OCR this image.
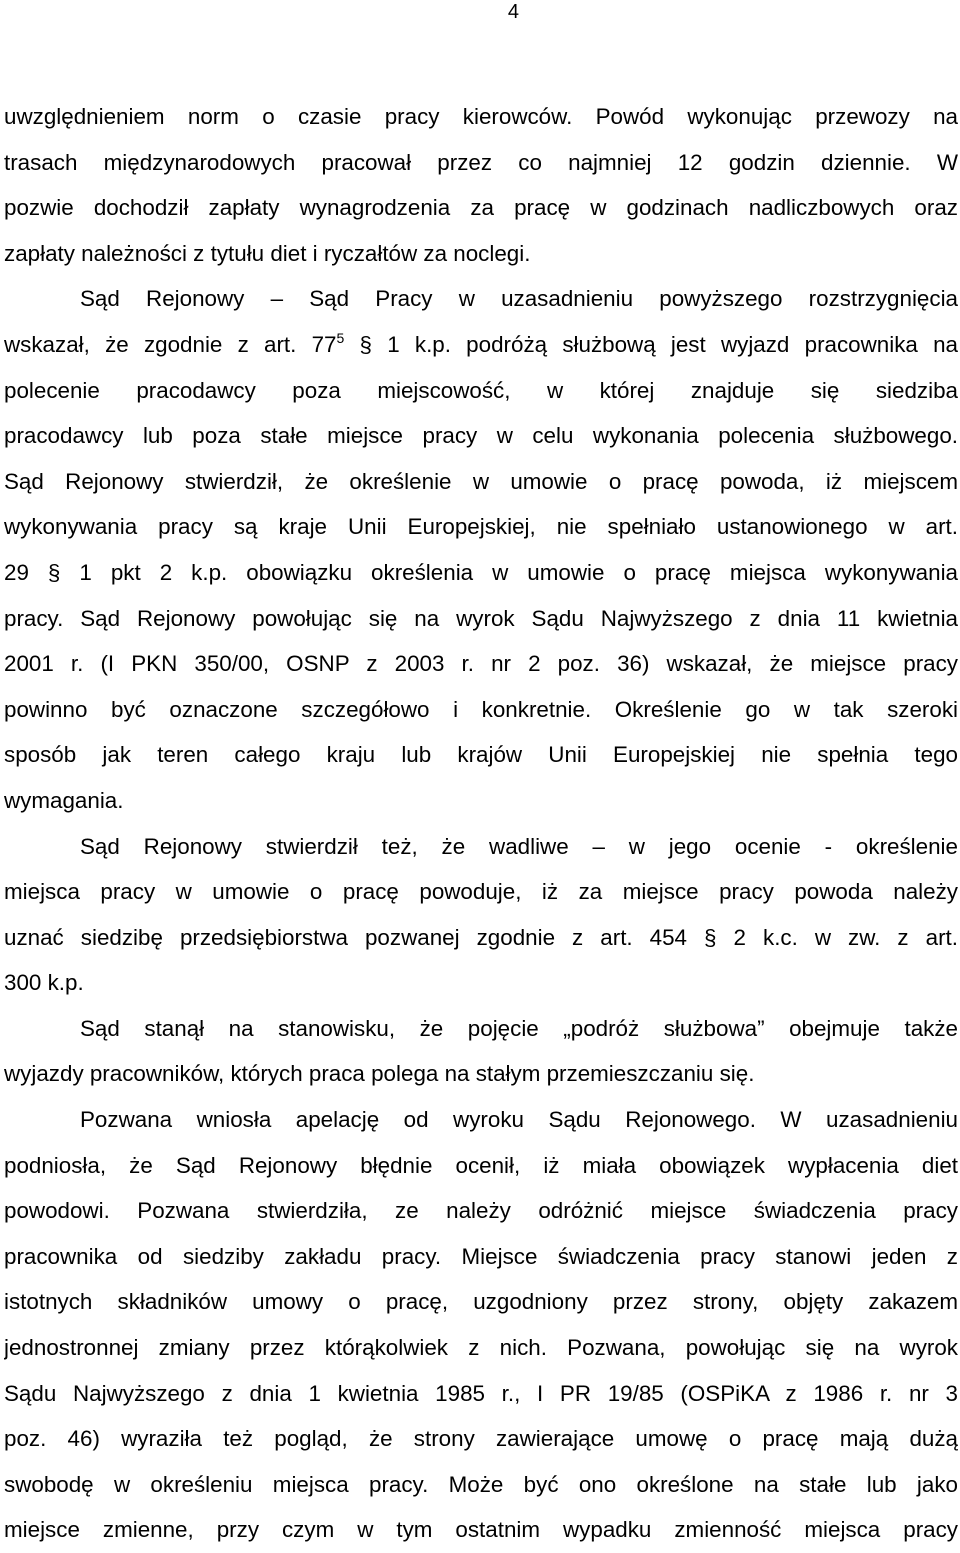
4
uwzględnieniem norm o czasie pracy kierowców. Powód wykonując przewozy na
trasach międzynarodowych pracował przez co najmniej 12 godzin dziennie. W
pozwie dochodził zapłaty wynagrodzenia za pracę w godzinach nadliczbowych oraz
zapłaty należności z tytułu diet i ryczałtów za noclegi.
Sąd Rejonowy – Sąd Pracy w uzasadnieniu powyższego rozstrzygnięcia
wskazał, że zgodnie z art. $77^5$ § 1 k.p. podróżą służbową jest wyjazd pracownika na
polecenie pracodawcy poza miejscowość, w której znajduje się siedziba
pracodawcy lub poza stałe miejsce pracy w celu wykonania polecenia służbowego.
Sąd Rejonowy stwierdził, że określenie w umowie o pracę powoda, iż miejscem
wykonywania pracy są kraje Unii Europejskiej, nie spełniało ustanowionego w art.
29 § 1 pkt 2 k.p. obowiązku określenia w umowie o pracę miejsca wykonywania
pracy. Sąd Rejonowy powołując się na wyrok Sądu Najwyższego z dnia 11 kwietnia
2001 r. (I PKN 350/00, OSNP z 2003 r. nr 2 poz. 36) wskazał, że miejsce pracy
powinno być oznaczone szczegółowo i konkretnie. Określenie go w tak szeroki
sposób jak teren całego kraju lub krajów Unii Europejskiej nie spełnia tego
wymagania.
Sąd Rejonowy stwierdził też, że wadliwe – w jego ocenie - określenie
miejsca pracy w umowie o pracę powoduje, iż za miejsce pracy powoda należy
uznać siedzibę przedsiębiorstwa pozwanej zgodnie z art. 454 § 2 k.c. w zw. z art.
300 k.p.
Sąd stanął na stanowisku, że pojęcie „podróż służbowa” obejmuje także
wyjazdy pracowników, których praca polega na stałym przemieszczaniu się.
Pozwana wniosła apelację od wyroku Sądu Rejonowego. W uzasadnieniu
podniosła, że Sąd Rejonowy błędnie ocenił, iż miała obowiązek wypłacenia diet
powodowi. Pozwana stwierdziła, ze należy odróżnić miejsce świadczenia pracy
pracownika od siedziby zakładu pracy. Miejsce świadczenia pracy stanowi jeden z
istotnych składników umowy o pracę, uzgodniony przez strony, objęty zakazem
jednostronnej zmiany przez którąkolwiek z nich. Pozwana, powołując się na wyrok
Sądu Najwyższego z dnia 1 kwietnia 1985 r., I PR 19/85 (OSPiKA z 1986 r. nr 3
poz. 46) wyraziła też pogląd, że strony zawierające umowę o pracę mają dużą
swobodę w określeniu miejsca pracy. Może być ono określone na stałe lub jako
miejsce zmienne, przy czym w tym ostatnim wypadku zmienność miejsca pracy
